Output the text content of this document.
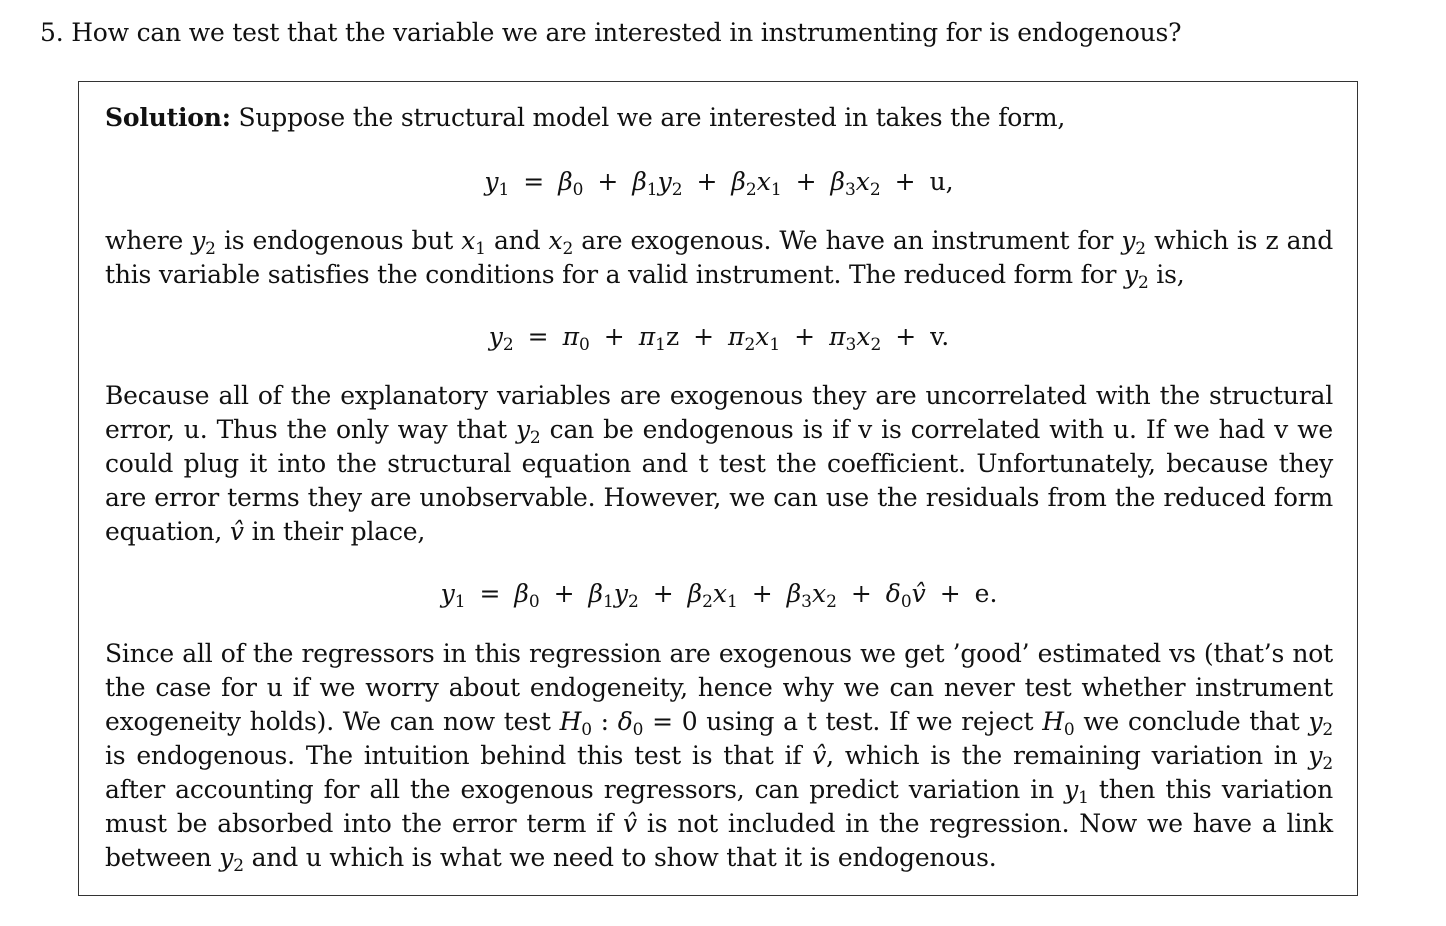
5. How can we test that the variable we are interested in instrumenting for is endogenous?
Solution: Suppose the structural model we are interested in takes the form,
$y_1 = \beta_0 + \beta_1y_2 + \beta_2x_1 + \beta_3x_2 + u$,
where $y_2$ is endogenous but $x_1$ and $x_2$ are exogenous. We have an instrument for $y_2$ which is z and this variable satisfies the conditions for a valid instrument. The reduced form for $y_2$ is,
$y_2 = \pi_0 + \pi_1z + \pi_2x_1 + \pi_3x_2 + v$.
Because all of the explanatory variables are exogenous they are uncorrelated with the structural error, u. Thus the only way that $y_2$ can be endogenous is if v is correlated with u. If we had v we could plug it into the structural equation and t test the coefficient. Unfortunately, because they are error terms they are unobservable. However, we can use the residuals from the reduced form equation, v̂ in their place,
$y_1 = \beta_0 + \beta_1y_2 + \beta_2x_1 + \beta_3x_2$ + $\delta_0v̂ + e$.
Since all of the regressors in this regression are exogenous we get ’good’ estimated vs (that’s not the case for u if we worry about endogeneity, hence why we can never test whether instrument exogeneity holds). We can now test $H_0$ : $\delta_0 = 0$ using a t test. If we reject $H_0$ we conclude that $y_2$ is endogenous. The intuition behind this test is that if v̂, which is the remaining variation in $y_2$ after accounting for all the exogenous regressors, can predict variation in $y_1$ then this variation must be absorbed into the error term if v̂ is not included in the regression. Now we have a link between $y_2$ and u which is what we need to show that it is endogenous.
